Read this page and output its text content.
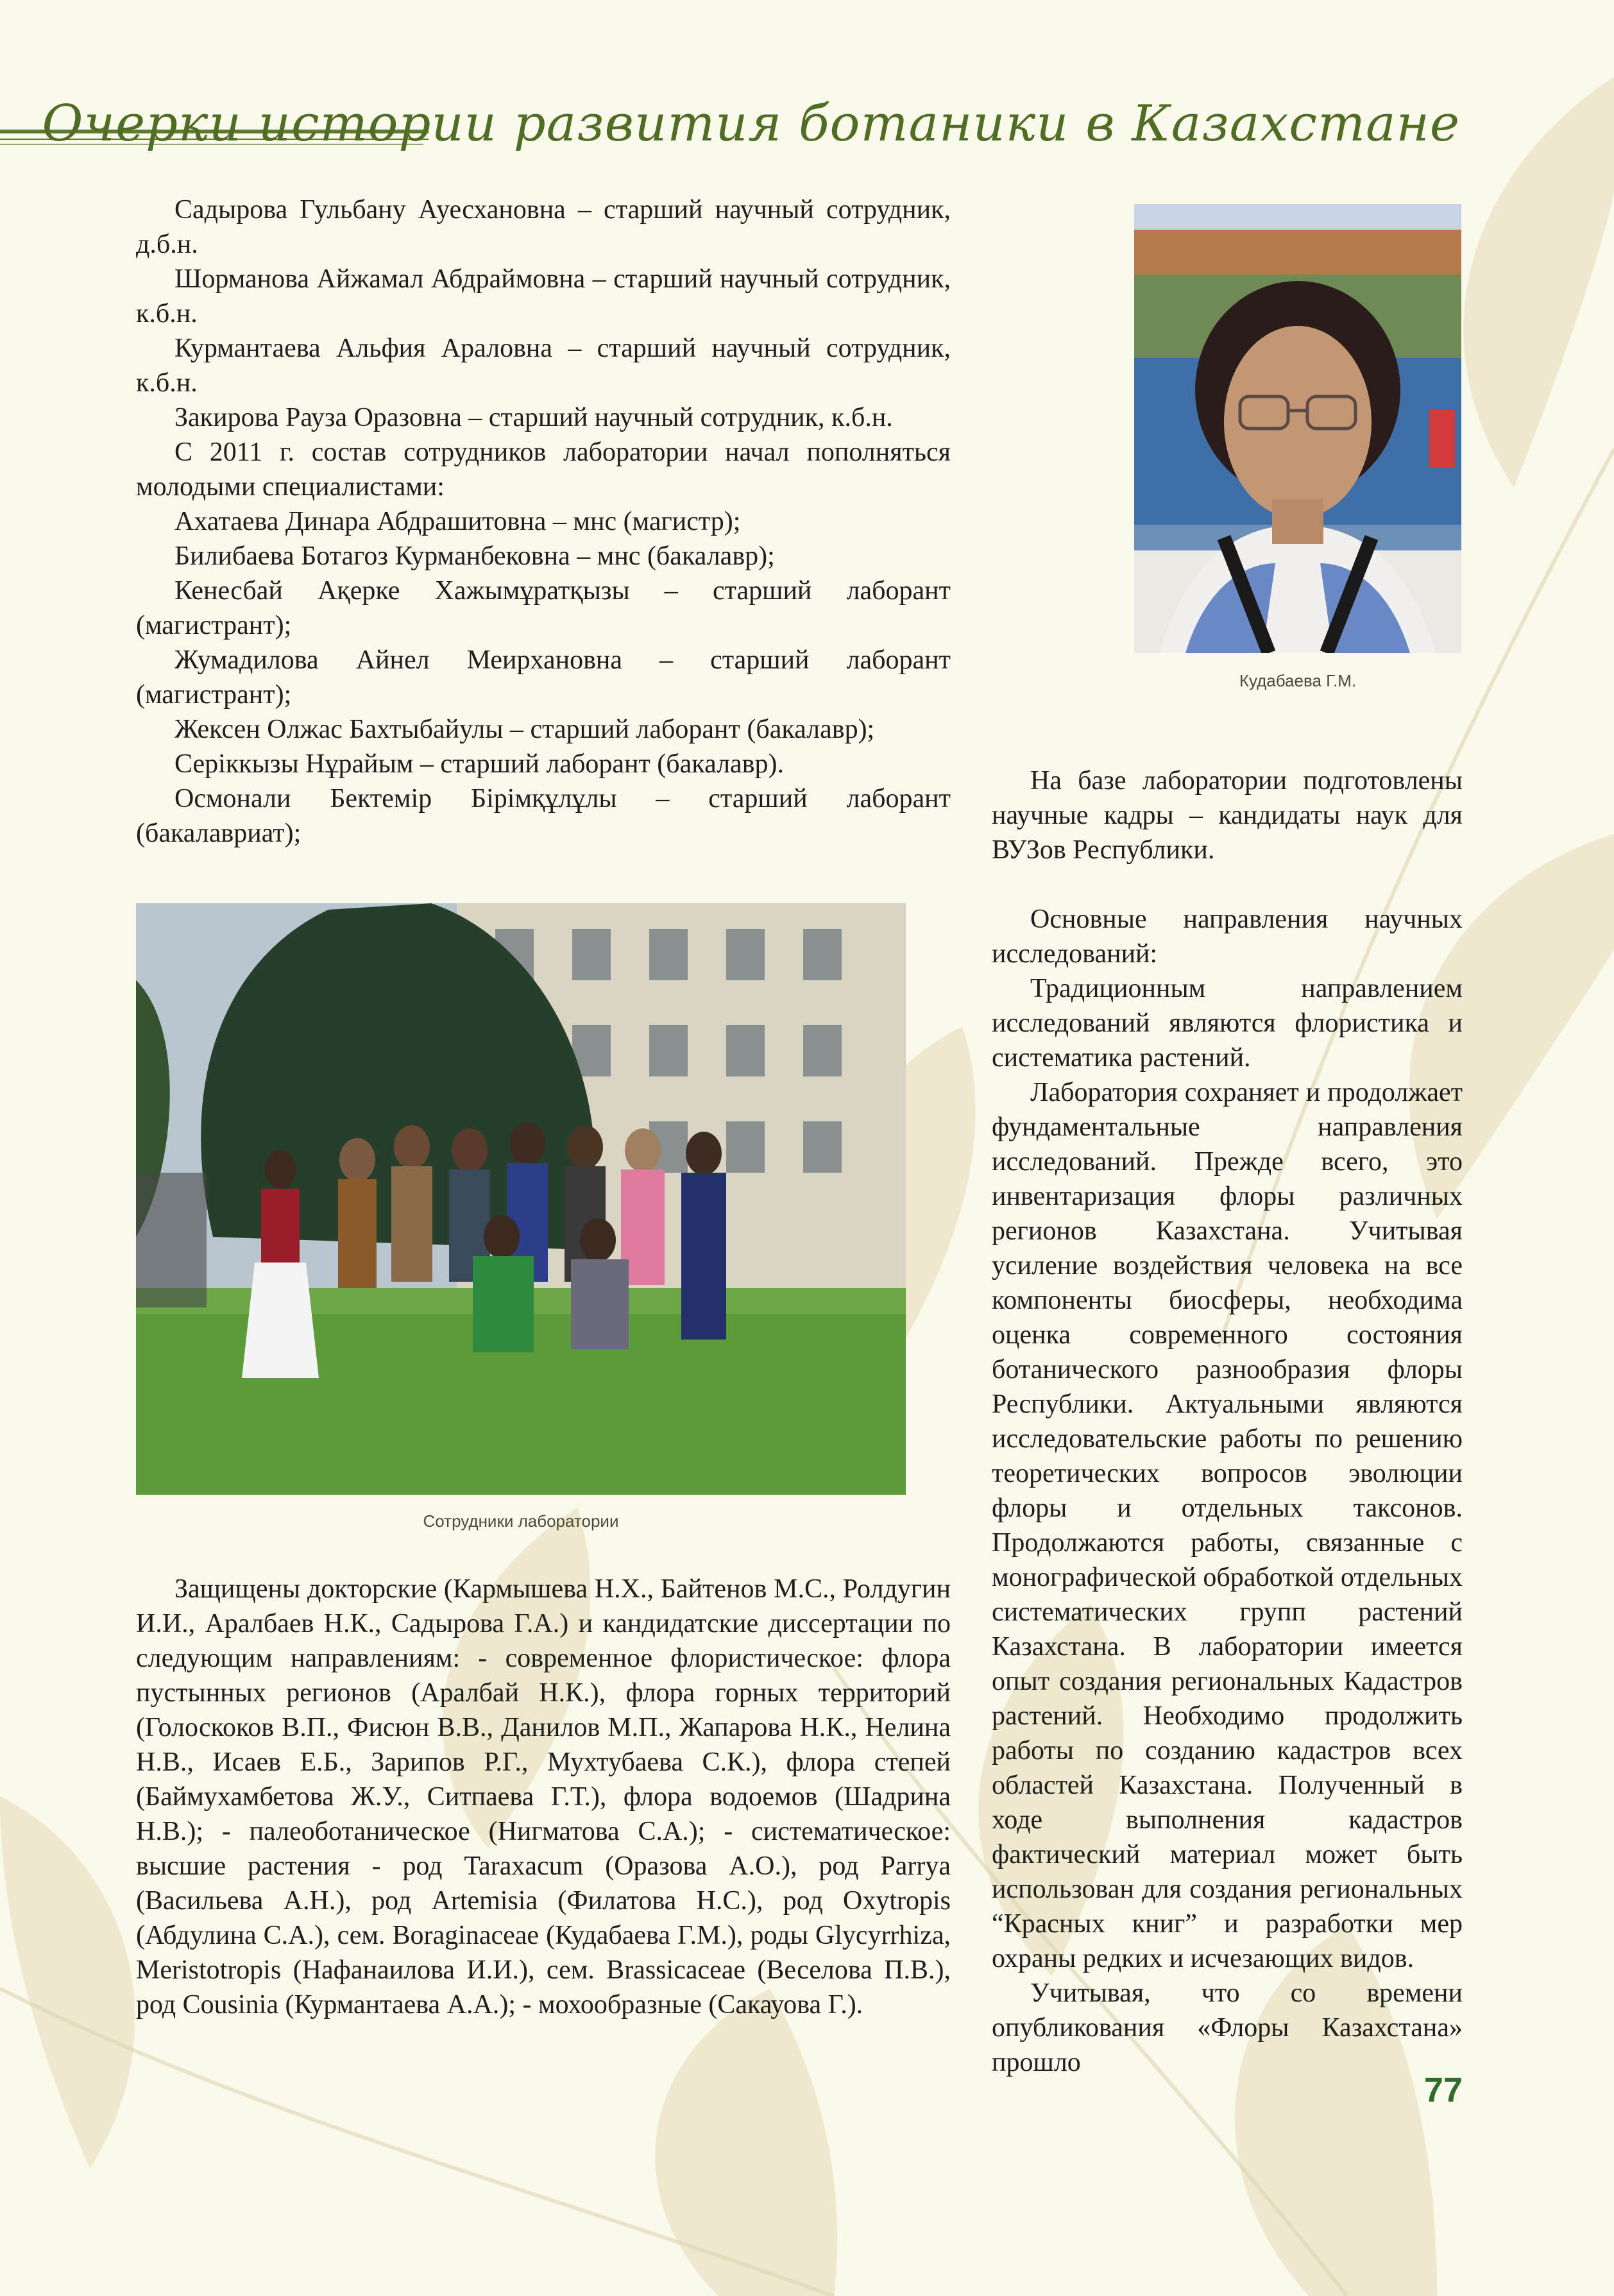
Очерки истории развития ботаники в Казахстане

Садырова Гульбану Ауесхановна – старший научный сотрудник, д.б.н.

Шорманова Айжамал Абдраймовна – старший научный сотрудник, к.б.н.

Курмантаева Альфия Араловна – старший научный сотрудник, к.б.н.

Закирова Рауза Оразовна – старший научный сотрудник, к.б.н.

С 2011 г. состав сотрудников лаборатории начал пополняться молодыми специалистами:

Ахатаева Динара Абдрашитовна – мнс (магистр);

Билибаева Ботагоз Курманбековна – мнс (бакалавр);

Кенесбай Ақерке Хажымұратқызы – старший лаборант (магистрант);

Жумадилова Айнел Меирхановна – старший лаборант (магистрант);

Жексен Олжас Бахтыбайулы – старший лаборант (бакалавр);

Серіккызы Нұрайым – старший лаборант (бакалавр).

Осмонали Бектемір Бірімқұлұлы – старший лаборант (бакалавриат);

Кудабаева Г.М.
Сотрудники лаборатории

Защищены докторские (Кармышева Н.Х., Байтенов М.С., Ролдугин И.И., Аралбаев Н.К., Садырова Г.А.) и кандидатские диссертации по следующим направлениям: - современное флористическое: флора пустынных регионов (Аралбай Н.К.), флора горных территорий (Голоскоков В.П., Фисюн В.В., Данилов М.П., Жапарова Н.К., Нелина Н.В., Исаев Е.Б., Зарипов Р.Г., Мухтубаева С.К.), флора степей (Баймухамбетова Ж.У., Ситпаева Г.Т.), флора водоемов (Шадрина Н.В.); - палеоботаническое (Нигматова С.А.); - систематическое: высшие растения - род Taraxacum (Оразова А.О.), род Parrya (Васильева А.Н.), род Artemisia (Филатова Н.С.), род Oxytropis (Абдулина С.А.), сем. Boraginaceae (Кудабаева Г.М.), роды Glycyrrhiza, Meristotropis (Нафанаилова И.И.), сем. Brassicaceae (Веселова П.В.), род Cousinia (Курмантаева А.А.); - мохообразные (Сакауова Г.).

На базе лаборатории подготовлены научные кадры – кандидаты наук для ВУЗов Республики.

Основные направления научных исследований:

Традиционным направлением исследований являются флористика и систематика растений.

Лаборатория сохраняет и продолжает фундаментальные направления исследований. Прежде всего, это инвентаризация флоры различных регионов Казахстана. Учитывая усиление воздействия человека на все компоненты биосферы, необходима оценка современного состояния ботанического разнообразия флоры Республики. Актуальными являются исследовательские работы по решению теоретических вопросов эволюции флоры и отдельных таксонов. Продолжаются работы, связанные с монографической обработкой отдельных систематических групп растений Казахстана. В лаборатории имеется опыт создания региональных Кадастров растений. Необходимо продолжить работы по созданию кадастров всех областей Казахстана. Полученный в ходе выполнения кадастров фактический материал может быть использован для создания региональных “Красных книг” и разработки мер охраны редких и исчезающих видов.

Учитывая, что со времени опубликования «Флоры Казахстана» прошло

77
